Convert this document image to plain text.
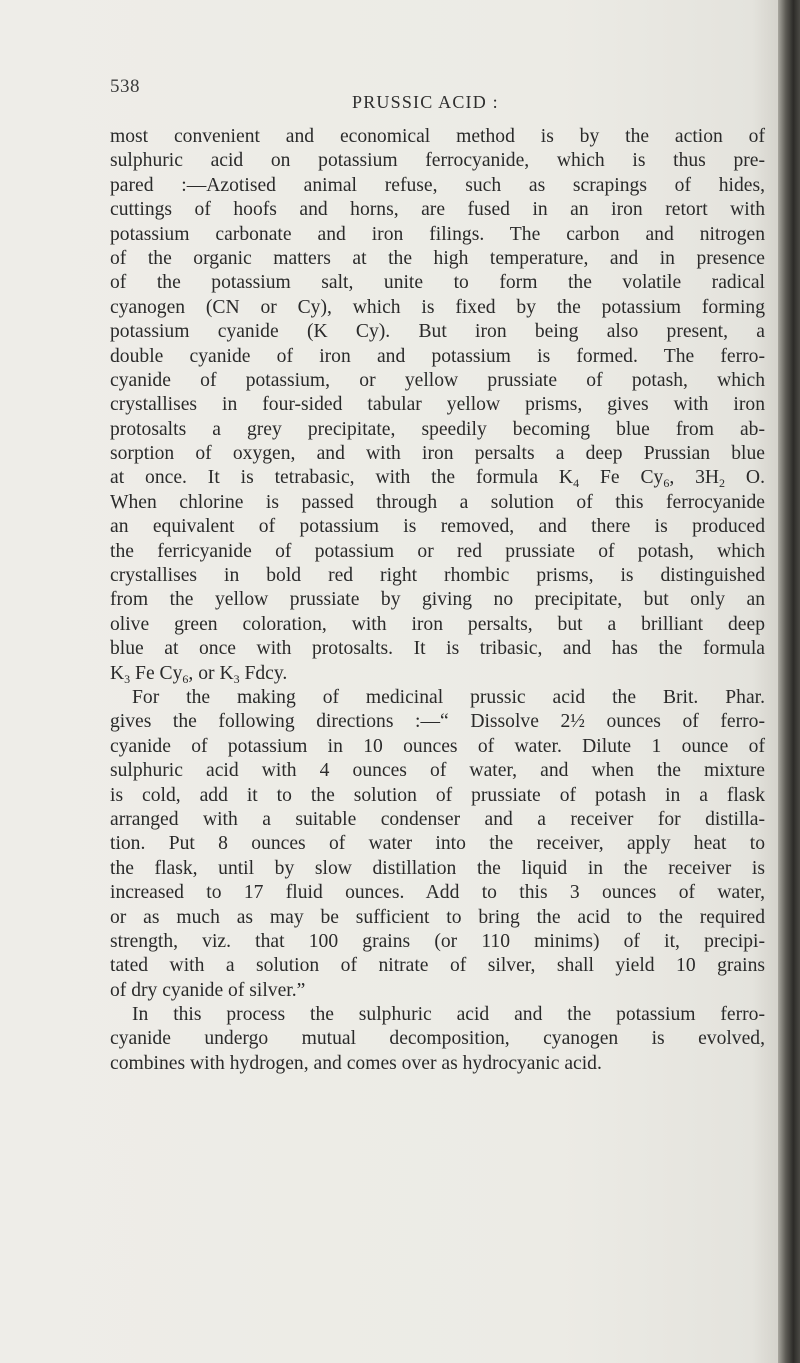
538
PRUSSIC ACID :
most convenient and economical method is by the action of
sulphuric acid on potassium ferrocyanide, which is thus pre-
pared :—Azotised animal refuse, such as scrapings of hides,
cuttings of hoofs and horns, are fused in an iron retort with
potassium carbonate and iron filings. The carbon and nitrogen
of the organic matters at the high temperature, and in presence
of the potassium salt, unite to form the volatile radical
cyanogen (CN or Cy), which is fixed by the potassium forming
potassium cyanide (K Cy). But iron being also present, a
double cyanide of iron and potassium is formed. The ferro-
cyanide of potassium, or yellow prussiate of potash, which
crystallises in four-sided tabular yellow prisms, gives with iron
protosalts a grey precipitate, speedily becoming blue from ab-
sorption of oxygen, and with iron persalts a deep Prussian blue
at once. It is tetrabasic, with the formula $K_4$ Fe $Cy_6$, $3H_2$ O.
When chlorine is passed through a solution of this ferrocyanide
an equivalent of potassium is removed, and there is produced
the ferricyanide of potassium or red prussiate of potash, which
crystallises in bold red right rhombic prisms, is distinguished
from the yellow prussiate by giving no precipitate, but only an
olive green coloration, with iron persalts, but a brilliant deep
blue at once with protosalts. It is tribasic, and has the formula
$K_3$ Fe $Cy_6$, or $K_3$ Fdcy.
For the making of medicinal prussic acid the Brit. Phar.
gives the following directions :—“ Dissolve 2½ ounces of ferro-
cyanide of potassium in 10 ounces of water. Dilute 1 ounce of
sulphuric acid with 4 ounces of water, and when the mixture
is cold, add it to the solution of prussiate of potash in a flask
arranged with a suitable condenser and a receiver for distilla-
tion. Put 8 ounces of water into the receiver, apply heat to
the flask, until by slow distillation the liquid in the receiver is
increased to 17 fluid ounces. Add to this 3 ounces of water,
or as much as may be sufficient to bring the acid to the required
strength, viz. that 100 grains (or 110 minims) of it, precipi-
tated with a solution of nitrate of silver, shall yield 10 grains
of dry cyanide of silver.”
In this process the sulphuric acid and the potassium ferro-
cyanide undergo mutual decomposition, cyanogen is evolved,
combines with hydrogen, and comes over as hydrocyanic acid.
